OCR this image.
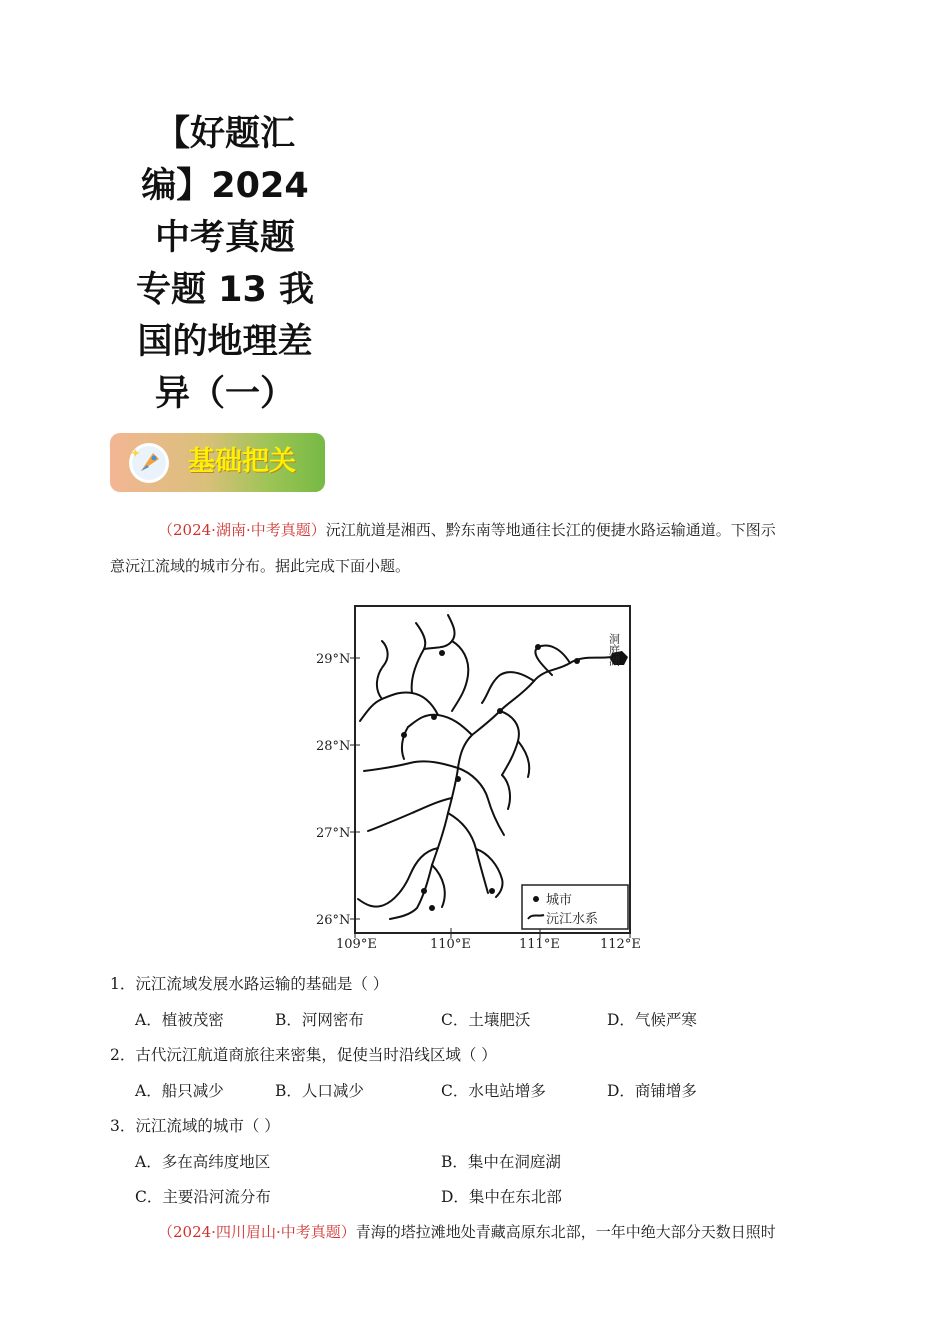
【好题汇
编】2024
中考真题
专题 13 我
国的地理差
异（一）
基础把关
（2024·湖南·中考真题）沅江航道是湘西、黔东南等地通往长江的便捷水路运输通道。下图示
意沅江流域的城市分布。据此完成下面小题。
29°N
28°N
27°N
26°N
109°E	110°E	111°E	112°E
洞庭湖
城市
沅江水系
1．沅江流域发展水路运输的基础是（ ）
A．植被茂密	B．河网密布	C．土壤肥沃	D．气候严寒
2．古代沅江航道商旅往来密集，促使当时沿线区域（ ）
A．船只减少	B．人口减少	C．水电站增多	D．商铺增多
3．沅江流域的城市（ ）
A．多在高纬度地区	B．集中在洞庭湖
C．主要沿河流分布	D．集中在东北部
（2024·四川眉山·中考真题）青海的塔拉滩地处青藏高原东北部，一年中绝大部分天数日照时
